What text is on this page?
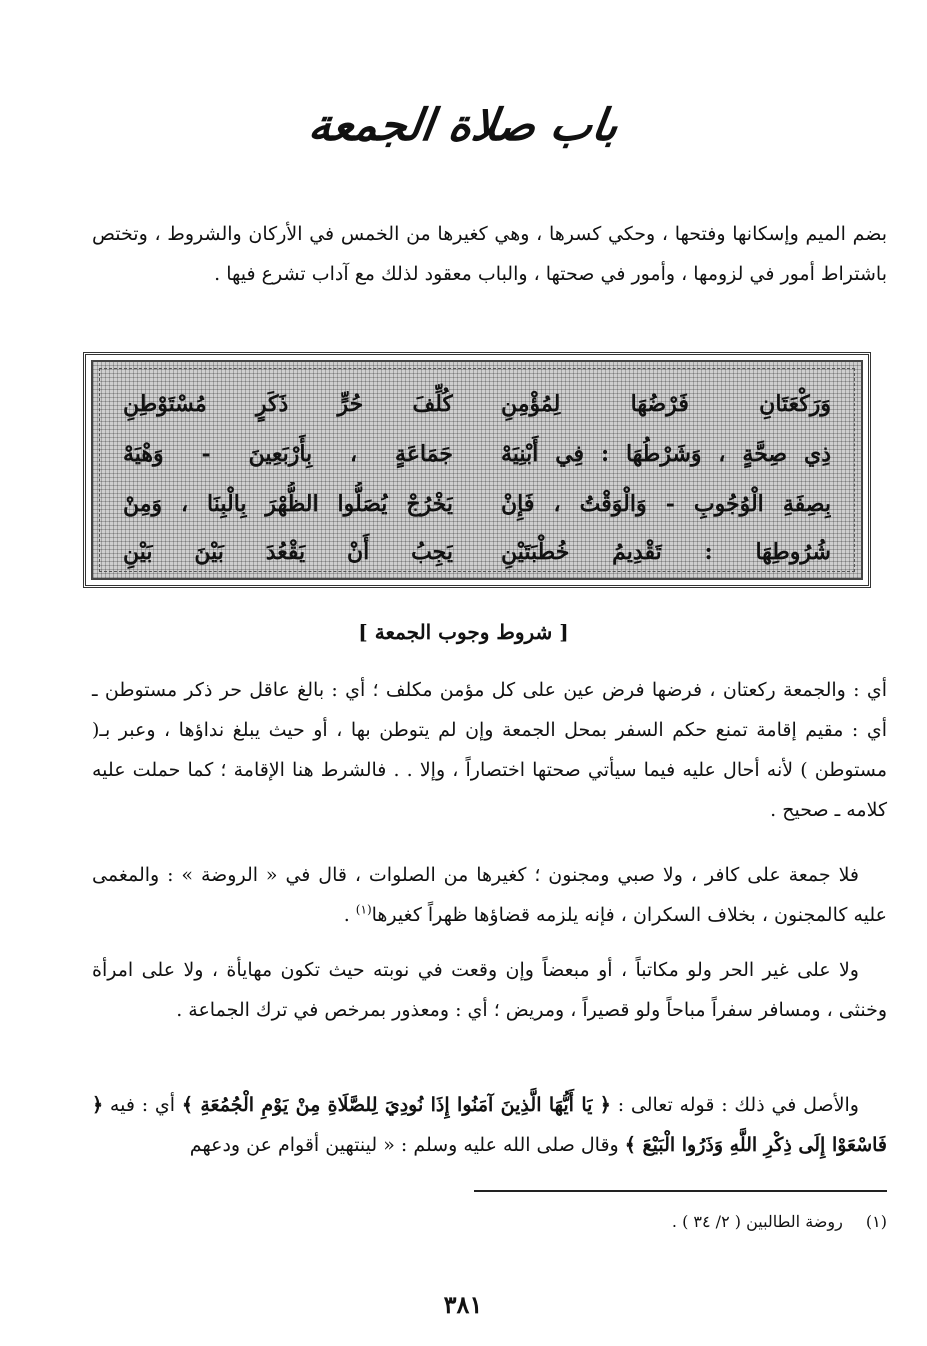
باب صلاة الجمعة
بضم الميم وإسكانها وفتحها ، وحكي كسرها ، وهي كغيرها من الخمس في الأركان والشروط ، وتختص باشتراط أمور في لزومها ، وأمور في صحتها ، والباب معقود لذلك مع آداب تشرع فيها .
وَرَكْعَتَانِ فَرْضُهَا لِمُؤْمِنِ
كُلِّفَ حُرٍّ ذَكَرٍ مُسْتَوْطِنِ
ذِي صِحَّةٍ ، وَشَرْطُهَا : فِي أَبْنِيَهْ
جَمَاعَةٍ ، بِأَرْبَعِينَ - وَهْيَهْ
بِصِفَةِ الْوُجُوبِ - وَالْوَقْتُ ، فَإِنْ
يَخْرُجْ يُصَلُّوا الظُّهْرَ بِالْبِنَا ، وَمِنْ
شُرُوطِهَا : تَقْدِيمُ خُطْبَتَيْنِ
يَجِبُ أَنْ يَقْعُدَ بَيْنَ بَيْنِ
[ شروط وجوب الجمعة ]
أي : والجمعة ركعتان ، فرضها فرض عين على كل مؤمن مكلف ؛ أي : بالغ عاقل حر ذكر مستوطن ـ أي : مقيم إقامة تمنع حكم السفر بمحل الجمعة وإن لم يتوطن بها ، أو حيث يبلغ نداؤها ، وعبر بـ( مستوطن ) لأنه أحال عليه فيما سيأتي صحتها اختصاراً ، وإلا . . فالشرط هنا الإقامة ؛ كما حملت عليه كلامه ـ صحيح .
فلا جمعة على كافر ، ولا صبي ومجنون ؛ كغيرها من الصلوات ، قال في « الروضة » : والمغمى عليه كالمجنون ، بخلاف السكران ، فإنه يلزمه قضاؤها ظهراً كغيرها$^{(١)}$ .
ولا على غير الحر ولو مكاتباً ، أو مبعضاً وإن وقعت في نوبته حيث تكون مهايأة ، ولا على امرأة وخنثى ، ومسافر سفراً مباحاً ولو قصيراً ، ومريض ؛ أي : ومعذور بمرخص في ترك الجماعة .
والأصل في ذلك : قوله تعالى : ﴿ يَا أَيُّهَا الَّذِينَ آمَنُوا إِذَا نُودِيَ لِلصَّلَاةِ مِنْ يَوْمِ الْجُمُعَةِ ﴾ أي : فيه ﴿ فَاسْعَوْا إِلَى ذِكْرِ اللَّهِ وَذَرُوا الْبَيْعَ ﴾ وقال صلى الله عليه وسلم : « لينتهين أقوام عن ودعهم
(١) روضة الطالبين ( ٢/ ٣٤ ) .
٣٨١
